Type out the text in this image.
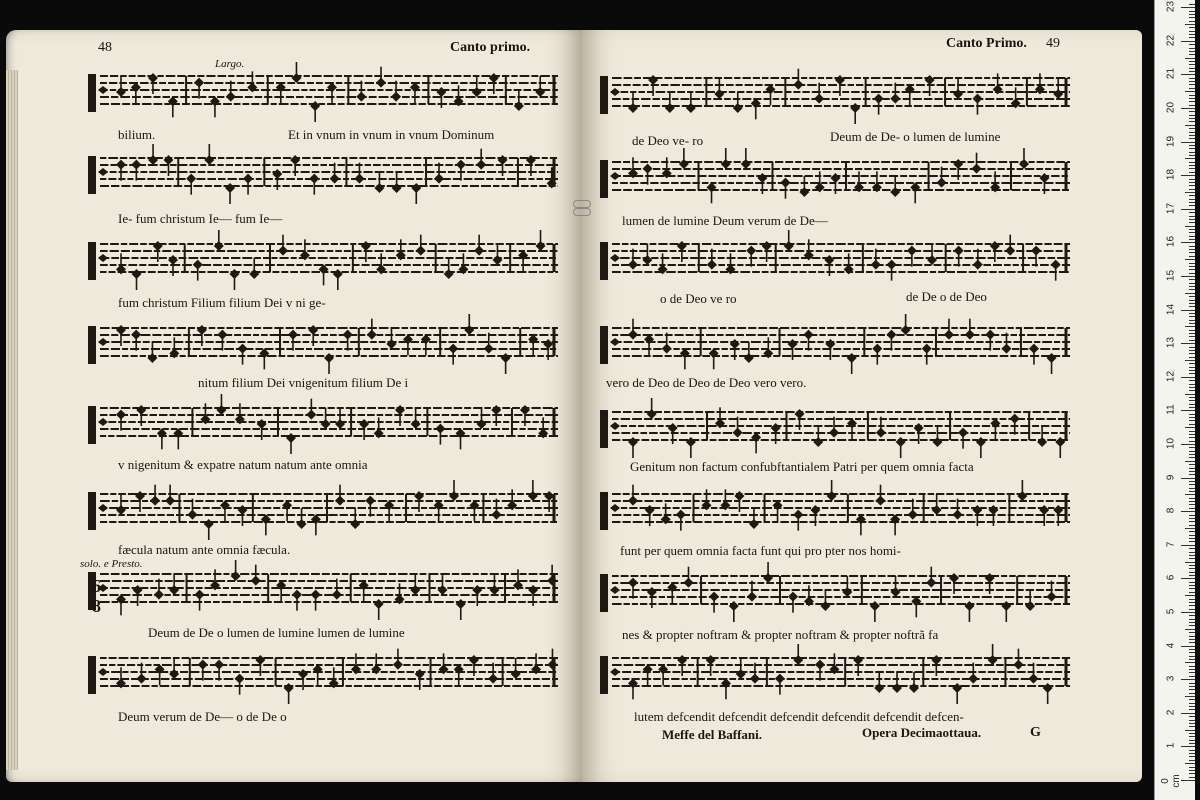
48	Canto primo.
Largo.
solo. e Presto.
6
8
bilium.	Et in vnum in vnum in vnum Dominum
Ie- fum christum Ie— fum Ie—
fum christum Filium filium Dei v ni ge-
nitum filium Dei vnigenitum filium De i
v nigenitum & expatre natum natum ante omnia
fæcula natum ante omnia fæcula.
Deum de De o lumen de lumine lumen de lumine
Deum verum de De— o de De o
Canto Primo. 49
de Deo ve- ro	Deum de De- o lumen de lumine
lumen de lumine Deum verum de De—
o de Deo ve ro	de De o de Deo
vero de Deo de Deo de Deo vero vero.
Genitum non factum confubftantialem Patri per quem omnia facta
funt per quem omnia facta funt qui pro pter nos homi-
nes & propter noftram & propter noftram & propter noftrã fa
lutem defcendit defcendit defcendit defcendit defcendit defcen-
Meffe del Baffani.	Opera Decimaottaua.	G
0 cm
1
2
3
4
5
6
7
8
9
10
11
12
13
14
15
16
17
18
19
20
21
22
23
